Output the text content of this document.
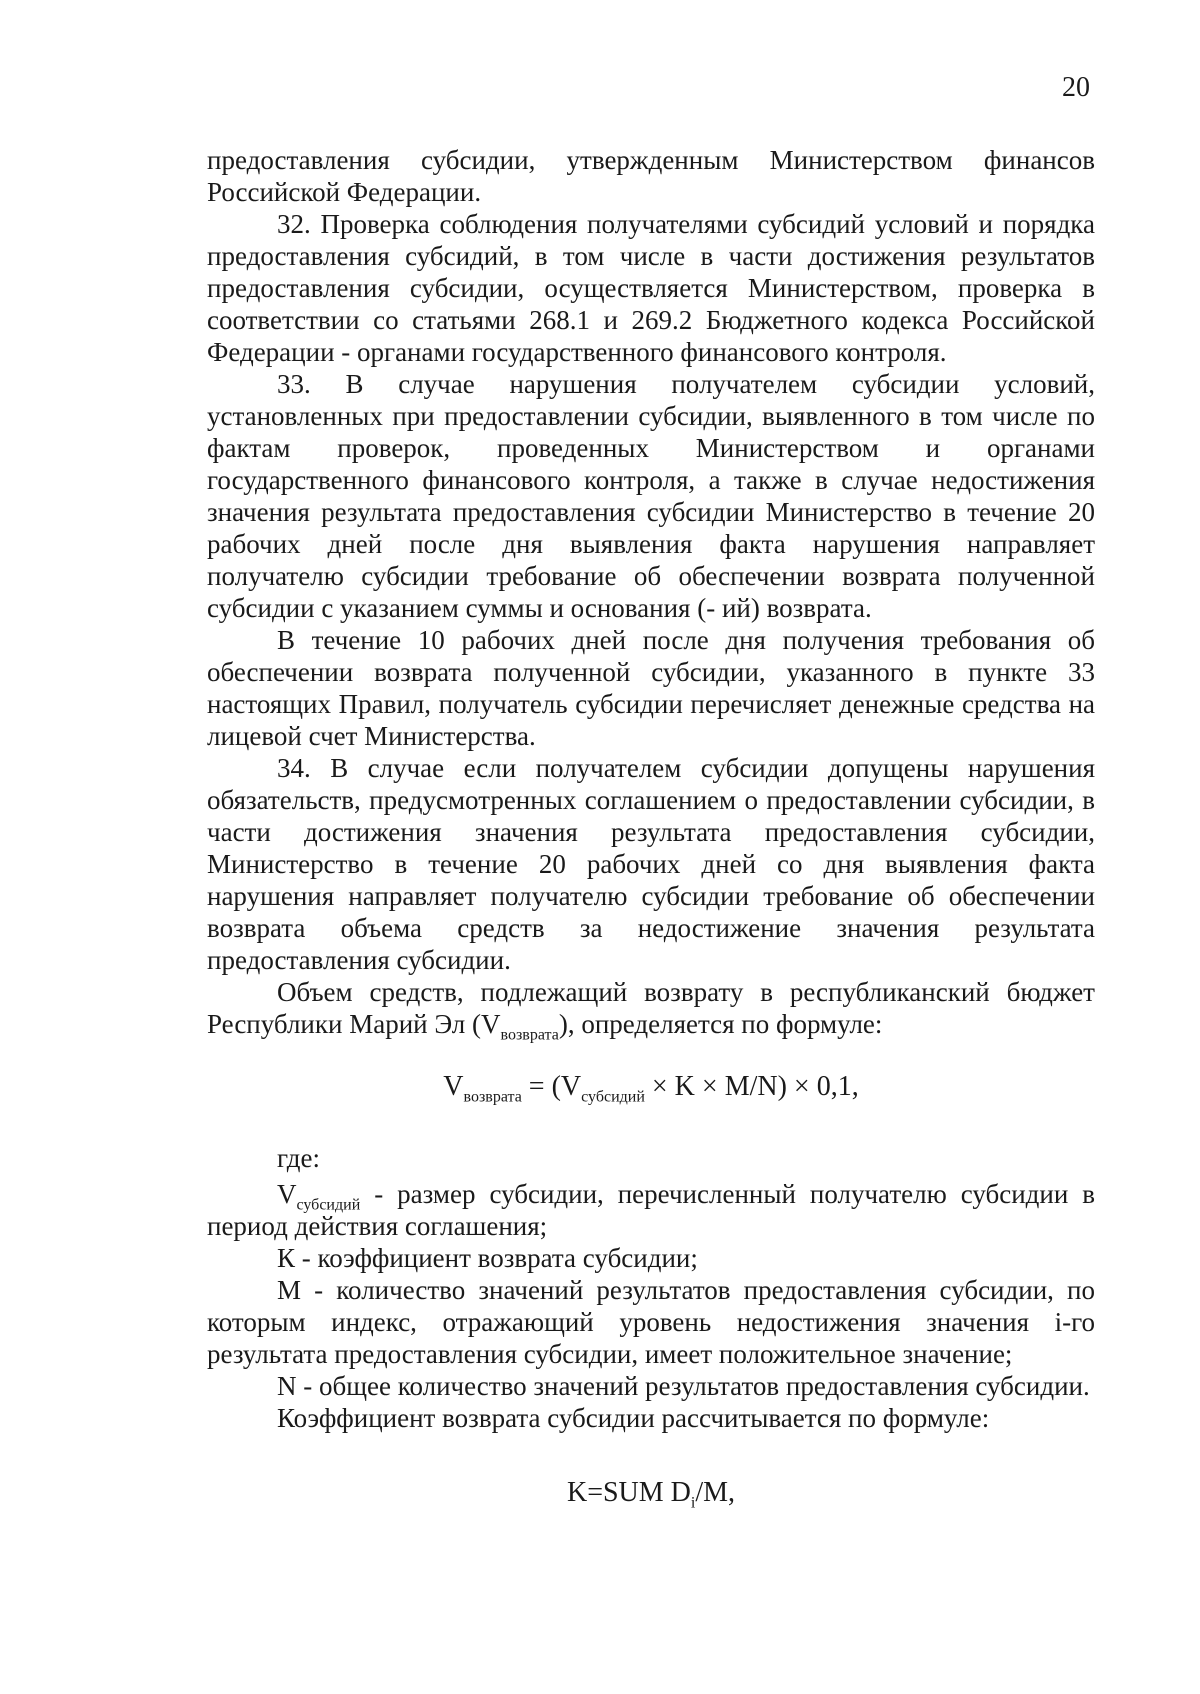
20

предоставления субсидии, утвержденным Министерством финансов Российской Федерации.

32. Проверка соблюдения получателями субсидий условий и порядка предоставления субсидий, в том числе в части достижения результатов предоставления субсидии, осуществляется Министерством, проверка в соответствии со статьями 268.1 и 269.2 Бюджетного кодекса Российской Федерации - органами государственного финансового контроля.

33. В случае нарушения получателем субсидии условий, установленных при предоставлении субсидии, выявленного в том числе по фактам проверок, проведенных Министерством и органами государственного финансового контроля, а также в случае недостижения значения результата предоставления субсидии Министерство в течение 20 рабочих дней после дня выявления факта нарушения направляет получателю субсидии требование об обеспечении возврата полученной субсидии с указанием суммы и основания (- ий) возврата.

В течение 10 рабочих дней после дня получения требования об обеспечении возврата полученной субсидии, указанного в пункте 33 настоящих Правил, получатель субсидии перечисляет денежные средства на лицевой счет Министерства.

34. В случае если получателем субсидии допущены нарушения обязательств, предусмотренных соглашением о предоставлении субсидии, в части достижения значения результата предоставления субсидии, Министерство в течение 20 рабочих дней со дня выявления факта нарушения направляет получателю субсидии требование об обеспечении возврата объема средств за недостижение значения результата предоставления субсидии.

Объем средств, подлежащий возврату в республиканский бюджет Республики Марий Эл $(V_{возврата})$, определяется по формуле:

$V_{возврата} = (V_{субсидий} \times K \times M/N) \times 0,1$,

где:

$V_{субсидий}$ - размер субсидии, перечисленный получателю субсидии в период действия соглашения;

К - коэффициент возврата субсидии;

М - количество значений результатов предоставления субсидии, по которым индекс, отражающий уровень недостижения значения i-го результата предоставления субсидии, имеет положительное значение;

N - общее количество значений результатов предоставления субсидии.

Коэффициент возврата субсидии рассчитывается по формуле:

K=SUM $D_i/M$,
